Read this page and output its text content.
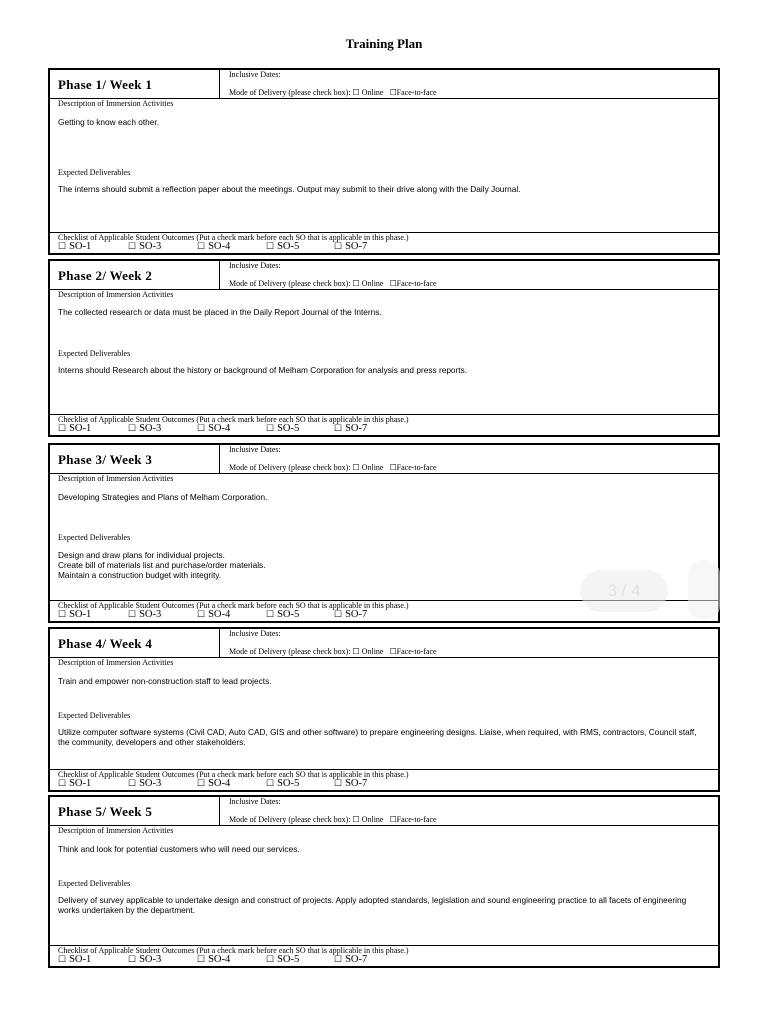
Training Plan
Phase 1/ Week 1
Inclusive Dates:
Mode of Delivery (please check box): ☐ Online ☐Face-to-face
Description of Immersion Activities
Getting to know each other.
Expected Deliverables
The interns should submit a reflection paper about the meetings. Output may submit to their drive along with the Daily Journal.
Checklist of Applicable Student Outcomes (Put a check mark before each SO that is applicable in this phase.)
☐ SO-1	☐ SO-3	☐ SO-4	☐ SO-5	☐ SO-7
Phase 2/ Week 2
Inclusive Dates:
Mode of Delivery (please check box): ☐ Online ☐Face-to-face
Description of Immersion Activities
The collected research or data must be placed in the Daily Report Journal of the Interns.
Expected Deliverables
Interns should Research about the history or background of Melham Corporation for analysis and press reports.
Checklist of Applicable Student Outcomes (Put a check mark before each SO that is applicable in this phase.)
☐ SO-1	☐ SO-3	☐ SO-4	☐ SO-5	☐ SO-7
Phase 3/ Week 3
Inclusive Dates:
Mode of Delivery (please check box): ☐ Online ☐Face-to-face
Description of Immersion Activities
Developing Strategies and Plans of Melham Corporation.
Expected Deliverables
Design and draw plans for individual projects.
Create bill of materials list and purchase/order materials.
Maintain a construction budget with integrity.
Checklist of Applicable Student Outcomes (Put a check mark before each SO that is applicable in this phase.)
☐ SO-1	☐ SO-3	☐ SO-4	☐ SO-5	☐ SO-7
Phase 4/ Week 4
Inclusive Dates:
Mode of Delivery (please check box): ☐ Online ☐Face-to-face
Description of Immersion Activities
Train and empower non-construction staff to lead projects.
Expected Deliverables
Utilize computer software systems (Civil CAD, Auto CAD, GIS and other software) to prepare engineering designs. Liaise, when required, with RMS, contractors, Council staff, the community, developers and other stakeholders.
Checklist of Applicable Student Outcomes (Put a check mark before each SO that is applicable in this phase.)
☐ SO-1	☐ SO-3	☐ SO-4	☐ SO-5	☐ SO-7
Phase 5/ Week 5
Inclusive Dates:
Mode of Delivery (please check box): ☐ Online ☐Face-to-face
Description of Immersion Activities
Think and look for potential customers who will need our services.
Expected Deliverables
Delivery of survey applicable to undertake design and construct of projects. Apply adopted standards, legislation and sound engineering practice to all facets of engineering works undertaken by the department.
Checklist of Applicable Student Outcomes (Put a check mark before each SO that is applicable in this phase.)
☐ SO-1	☐ SO-3	☐ SO-4	☐ SO-5	☐ SO-7
3 / 4
